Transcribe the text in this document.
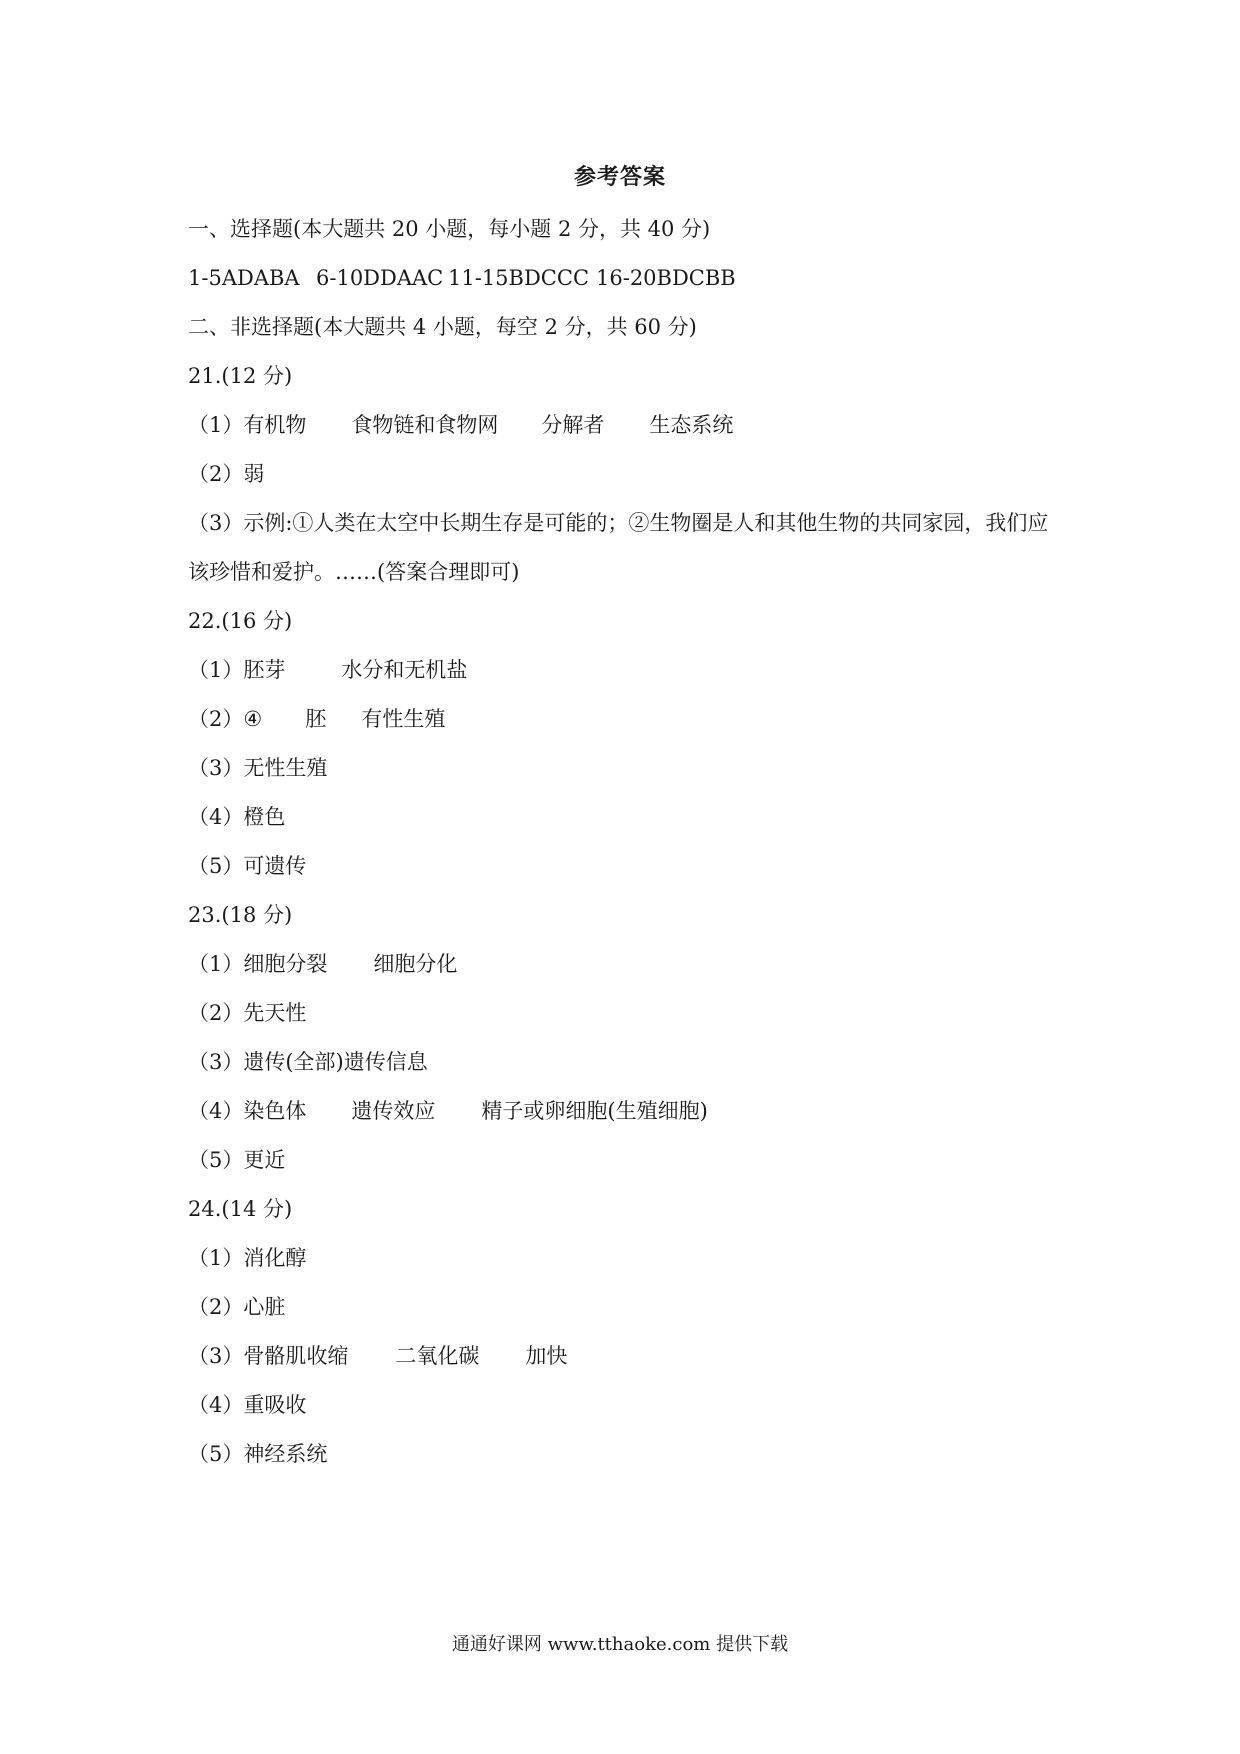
参考答案
一、选择题(本大题共 20 小题，每小题 2 分，共 40 分)
1-5ADABA 6-10DDAAC 11-15BDCCC 16-20BDCBB
二、非选择题(本大题共 4 小题，每空 2 分，共 60 分)
21.(12 分)
（1）有机物 食物链和食物网 分解者 生态系统
（2）弱
（3）示例:①人类在太空中长期生存是可能的；②生物圈是人和其他生物的共同家园，我们应该珍惜和爱护。……(答案合理即可)
22.(16 分)
（1）胚芽	水分和无机盐
（2）④ 胚 有性生殖
（3）无性生殖
（4）橙色
（5）可遗传
23.(18 分)
（1）细胞分裂 细胞分化
（2）先天性
（3）遗传(全部)遗传信息
（4）染色体 遗传效应 精子或卵细胞(生殖细胞)
（5）更近
24.(14 分)
（1）消化醇
（2）心脏
（3）骨骼肌收缩 二氧化碳 加快
（4）重吸收
（5）神经系统
通通好课网 www.tthaoke.com 提供下载
